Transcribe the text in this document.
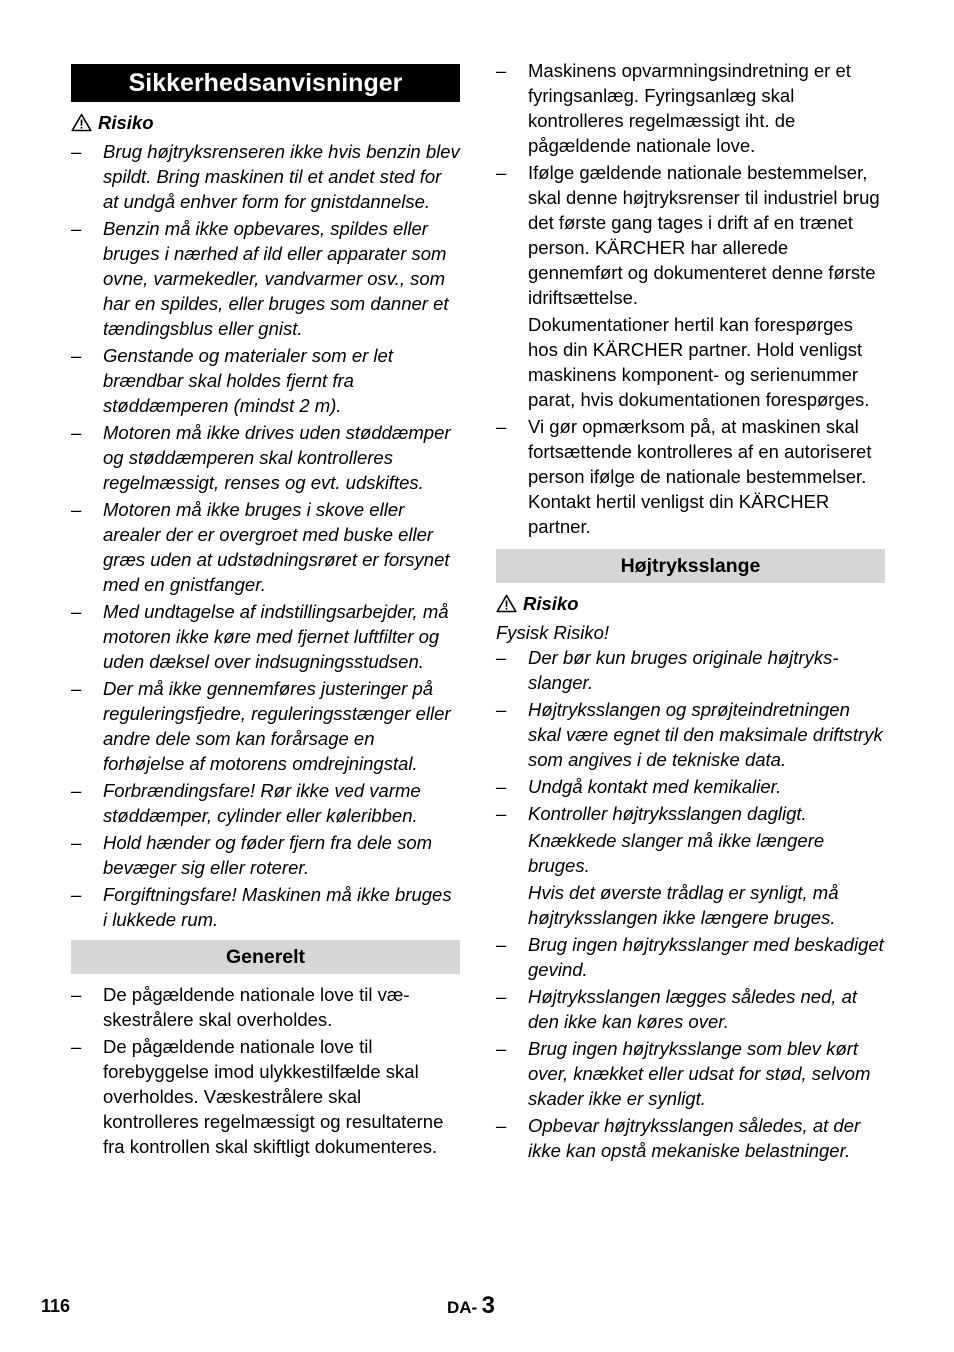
Sikkerhedsanvisninger
Risiko
– Brug højtryksrenseren ikke hvis benzin blev spildt. Bring maskinen til et andet sted for at undgå enhver form for gnistdannelse.
– Benzin må ikke opbevares, spildes eller bruges i nærhed af ild eller apparater som ovne, varmekedler, vandvarmer osv., som har en spildes, eller bruges som danner et tændingsblus eller gnist.
– Genstande og materialer som er let brændbar skal holdes fjernt fra støddæmperen (mindst 2 m).
– Motoren må ikke drives uden støddæmper og støddæmperen skal kontrolleres regelmæssigt, renses og evt. udskiftes.
– Motoren må ikke bruges i skove eller arealer der er overgroet med buske eller græs uden at udstødningsrøret er forsynet med en gnistfanger.
– Med undtagelse af indstillingsarbejder, må motoren ikke køre med fjernet luftfilter og uden dæksel over indsugningsstudsen.
– Der må ikke gennemføres justeringer på reguleringsfjedre, reguleringsstænger eller andre dele som kan forårsage en forhøjelse af motorens omdrejningstal.
– Forbrændingsfare! Rør ikke ved varme støddæmper, cylinder eller køleribben.
– Hold hænder og føder fjern fra dele som bevæger sig eller roterer.
– Forgiftningsfare! Maskinen må ikke bruges i lukkede rum.
Generelt
– De pågældende nationale love til væskestrålere skal overholdes.
– De pågældende nationale love til forebyggelse imod ulykkestilfælde skal overholdes. Væskestrålere skal kontrolleres regelmæssigt og resultaterne fra kontrollen skal skiftligt dokumenteres.
– Maskinens opvarmningsindretning er et fyringsanlæg. Fyringsanlæg skal kontrolleres regelmæssigt iht. de pågældende nationale love.
– Ifølge gældende nationale bestemmelser, skal denne højtryksrenser til industriel brug det første gang tages i drift af en trænet person. KÄRCHER har allerede gennemført og dokumenteret denne første idriftsættelse.
Dokumentationer hertil kan forespørges hos din KÄRCHER partner. Hold venligst maskinens komponent- og serienummer parat, hvis dokumentationen forespørges.
– Vi gør opmærksom på, at maskinen skal fortsættende kontrolleres af en autoriseret person ifølge de nationale bestemmelser. Kontakt hertil venligst din KÄRCHER partner.
Højtryksslange
Risiko
Fysisk Risiko!
– Der bør kun bruges originale højtryksslanger.
– Højtryksslangen og sprøjteindretningen skal være egnet til den maksimale driftstryk som angives i de tekniske data.
– Undgå kontakt med kemikalier.
– Kontroller højtryksslangen dagligt.
Knækkede slanger må ikke længere bruges.
Hvis det øverste trådlag er synligt, må højtryksslangen ikke længere bruges.
– Brug ingen højtryksslanger med beskadiget gevind.
– Højtryksslangen lægges således ned, at den ikke kan køres over.
– Brug ingen højtryksslange som blev kørt over, knækket eller udsat for stød, selvom skader ikke er synligt.
– Opbevar højtryksslangen således, at der ikke kan opstå mekaniske belastninger.
116	DA- 3
